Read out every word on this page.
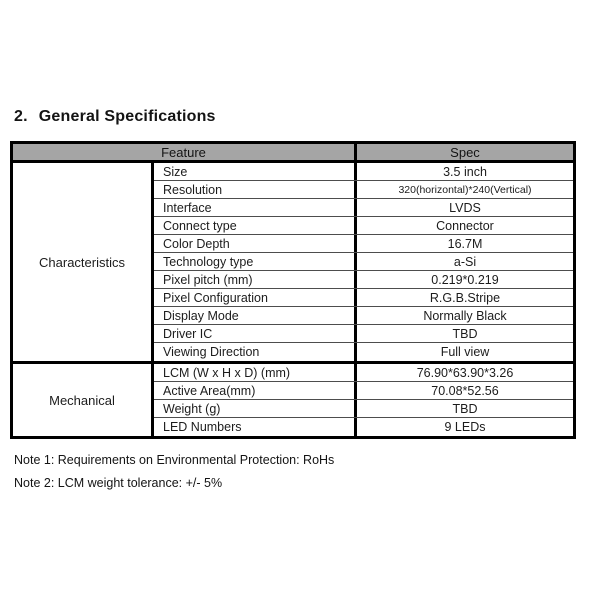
2. General Specifications
Feature	Spec
Characteristics
Size	3.5 inch
Resolution	320(horizontal)*240(Vertical)
Interface	LVDS
Connect type	Connector
Color Depth	16.7M
Technology type	a-Si
Pixel pitch (mm)	0.219*0.219
Pixel Configuration	R.G.B.Stripe
Display Mode	Normally Black
Driver IC	TBD
Viewing Direction	Full view
Mechanical
LCM (W x H x D) (mm)	76.90*63.90*3.26
Active Area(mm)	70.08*52.56
Weight (g)	TBD
LED Numbers	9 LEDs
Note 1: Requirements on Environmental Protection: RoHs
Note 2: LCM weight tolerance: +/- 5%
